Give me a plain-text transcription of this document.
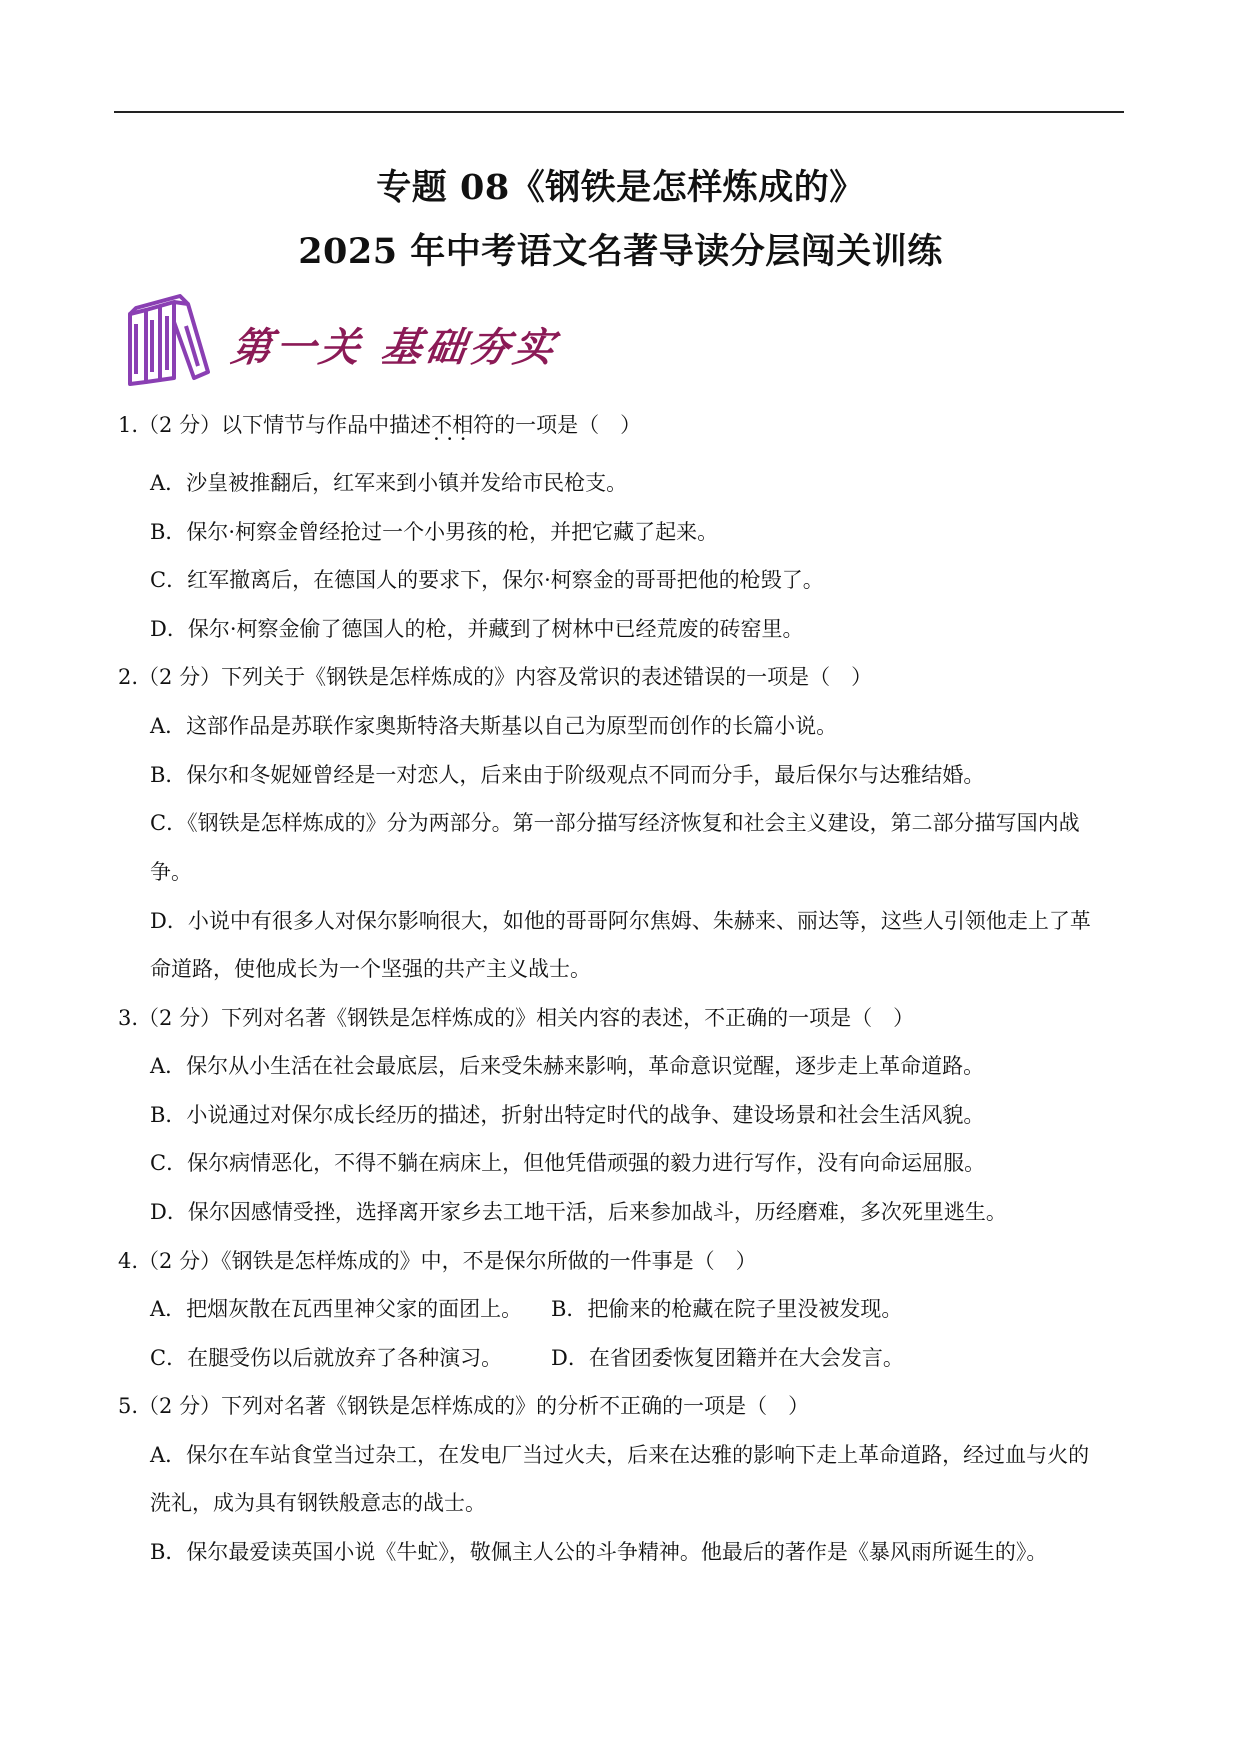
专题 08《钢铁是怎样炼成的》
2025 年中考语文名著导读分层闯关训练
第一关 基础夯实
1.（2 分）以下情节与作品中描述不相符 · · ·的一项是（　）
A．沙皇被推翻后，红军来到小镇并发给市民枪支。
B．保尔·柯察金曾经抢过一个小男孩的枪，并把它藏了起来。
C．红军撤离后，在德国人的要求下，保尔·柯察金的哥哥把他的枪毁了。
D．保尔·柯察金偷了德国人的枪，并藏到了树林中已经荒废的砖窑里。
2.（2 分）下列关于《钢铁是怎样炼成的》内容及常识的表述错误的一项是（　）
A．这部作品是苏联作家奥斯特洛夫斯基以自己为原型而创作的长篇小说。
B．保尔和冬妮娅曾经是一对恋人，后来由于阶级观点不同而分手，最后保尔与达雅结婚。
C．《钢铁是怎样炼成的》分为两部分。第一部分描写经济恢复和社会主义建设，第二部分描写国内战
争。
D．小说中有很多人对保尔影响很大，如他的哥哥阿尔焦姆、朱赫来、丽达等，这些人引领他走上了革
命道路，使他成长为一个坚强的共产主义战士。
3.（2 分）下列对名著《钢铁是怎样炼成的》相关内容的表述，不正确的一项是（　）
A．保尔从小生活在社会最底层，后来受朱赫来影响，革命意识觉醒，逐步走上革命道路。
B．小说通过对保尔成长经历的描述，折射出特定时代的战争、建设场景和社会生活风貌。
C．保尔病情恶化，不得不躺在病床上，但他凭借顽强的毅力进行写作，没有向命运屈服。
D．保尔因感情受挫，选择离开家乡去工地干活，后来参加战斗，历经磨难，多次死里逃生。
4.（2 分）《钢铁是怎样炼成的》中，不是保尔所做的一件事是（　）
A．把烟灰散在瓦西里神父家的面团上。 B．把偷来的枪藏在院子里没被发现。
C．在腿受伤以后就放弃了各种演习。 D．在省团委恢复团籍并在大会发言。
5.（2 分）下列对名著《钢铁是怎样炼成的》的分析不正确的一项是（　）
A．保尔在车站食堂当过杂工，在发电厂当过火夫，后来在达雅的影响下走上革命道路，经过血与火的
洗礼，成为具有钢铁般意志的战士。
B．保尔最爱读英国小说《牛虻》，敬佩主人公的斗争精神。他最后的著作是《暴风雨所诞生的》。
